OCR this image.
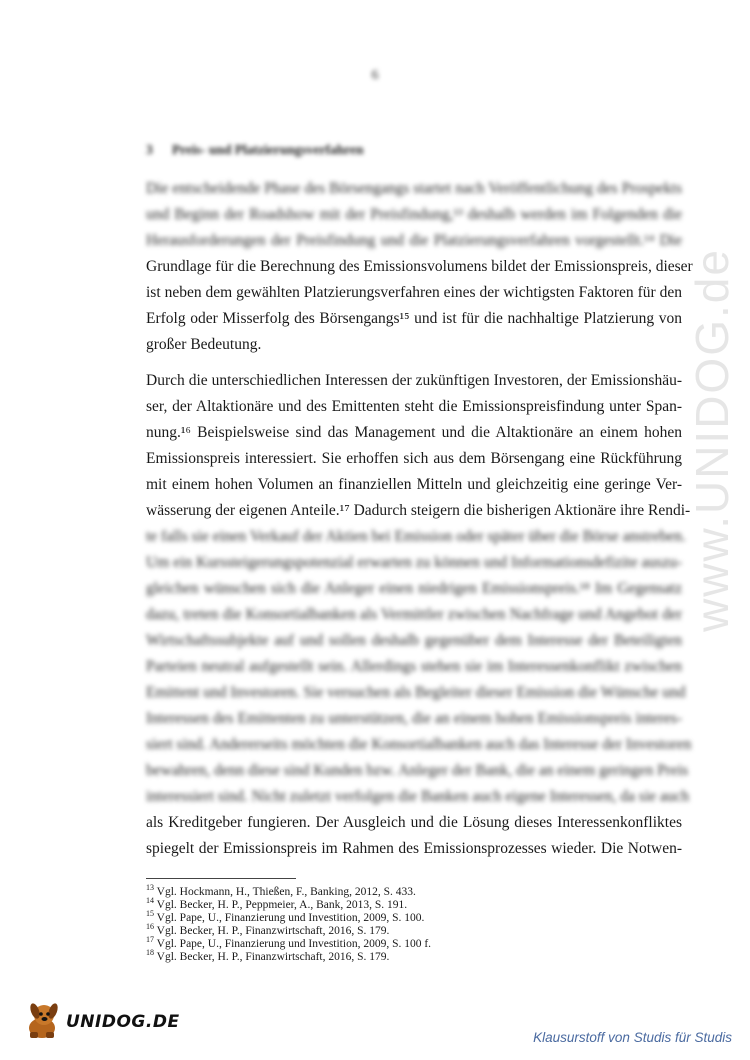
6
3 Preis- und Platzierungsverfahren
Die entscheidende Phase des Börsengangs startet nach Veröffentlichung des Prospekts
und Beginn der Roadshow mit der Preisfindung,¹³ deshalb werden im Folgenden die
Herausforderungen der Preisfindung und die Platzierungsverfahren vorgestellt.¹⁴ Die
Grundlage für die Berechnung des Emissionsvolumens bildet der Emissionspreis, dieser
ist neben dem gewählten Platzierungsverfahren eines der wichtigsten Faktoren für den
Erfolg oder Misserfolg des Börsengangs¹⁵ und ist für die nachhaltige Platzierung von
großer Bedeutung.
Durch die unterschiedlichen Interessen der zukünftigen Investoren, der Emissionshäu-
ser, der Altaktionäre und des Emittenten steht die Emissionspreisfindung unter Span-
nung.¹⁶ Beispielsweise sind das Management und die Altaktionäre an einem hohen
Emissionspreis interessiert. Sie erhoffen sich aus dem Börsengang eine Rückführung
mit einem hohen Volumen an finanziellen Mitteln und gleichzeitig eine geringe Ver-
wässerung der eigenen Anteile.¹⁷ Dadurch steigern die bisherigen Aktionäre ihre Rendi-
te falls sie einen Verkauf der Aktien bei Emission oder später über die Börse anstreben.
Um ein Kurssteigerungspotenzial erwarten zu können und Informationsdefizite auszu-
gleichen wünschen sich die Anleger einen niedrigen Emissionspreis.¹⁸ Im Gegensatz
dazu, treten die Konsortialbanken als Vermittler zwischen Nachfrage und Angebot der
Wirtschaftssubjekte auf und sollen deshalb gegenüber dem Interesse der Beteiligten
Parteien neutral aufgestellt sein. Allerdings stehen sie im Interessenkonflikt zwischen
Emittent und Investoren. Sie versuchen als Begleiter dieser Emission die Wünsche und
Interessen des Emittenten zu unterstützen, die an einem hohen Emissionspreis interes-
siert sind. Andererseits möchten die Konsortialbanken auch das Interesse der Investoren
bewahren, denn diese sind Kunden bzw. Anleger der Bank, die an einem geringen Preis
interessiert sind. Nicht zuletzt verfolgen die Banken auch eigene Interessen, da sie auch
als Kreditgeber fungieren. Der Ausgleich und die Lösung dieses Interessenkonfliktes
spiegelt der Emissionspreis im Rahmen des Emissionsprozesses wieder. Die Notwen-
$^{13}$ Vgl. Hockmann, H., Thießen, F., Banking, 2012, S. 433.
$^{14}$ Vgl. Becker, H. P., Peppmeier, A., Bank, 2013, S. 191.
$^{15}$ Vgl. Pape, U., Finanzierung und Investition, 2009, S. 100.
$^{16}$ Vgl. Becker, H. P., Finanzwirtschaft, 2016, S. 179.
$^{17}$ Vgl. Pape, U., Finanzierung und Investition, 2009, S. 100 f.
$^{18}$ Vgl. Becker, H. P., Finanzwirtschaft, 2016, S. 179.
www.UNIDOG.de
UNIDOG.DE
Klausurstoff von Studis für Studis
